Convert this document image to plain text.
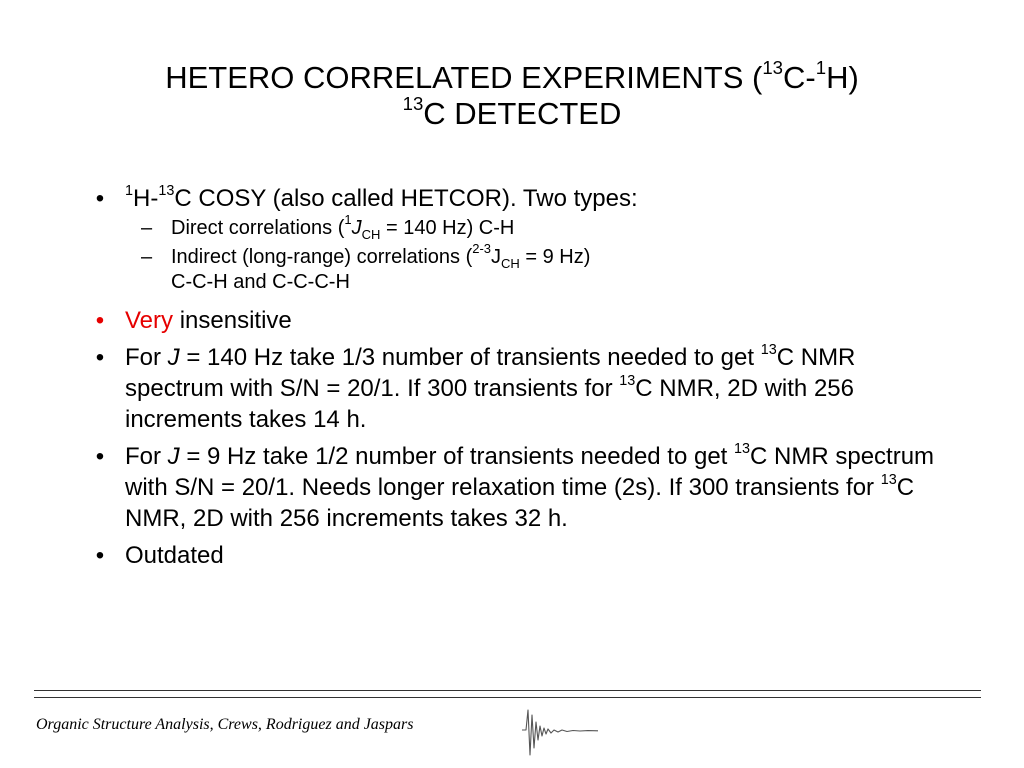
HETERO CORRELATED EXPERIMENTS ($^{13}$C-$^1$H)
$^{13}$C DETECTED
•	$^1$H-$^{13}$C COSY (also called HETCOR). Two types:
– Direct correlations ($^1J_{CH} = 140$ Hz) C-H
– Indirect (long-range) correlations ($^{2-3}J_{CH} = 9$ Hz)
C-C-H and C-C-C-H
• Very insensitive
• For J = 140 Hz take 1/3 number of transients needed to get $^{13}$C NMR spectrum with S/N = 20/1. If 300 transients for $^{13}$C NMR, 2D with 256 increments takes 14 h.
• For J = 9 Hz take 1/2 number of transients needed to get $^{13}$C NMR spectrum with S/N = 20/1. Needs longer relaxation time (2s). If 300 transients for $^{13}$C NMR, 2D with 256 increments takes 32 h.
• Outdated
Organic Structure Analysis, Crews, Rodriguez and Jaspars
